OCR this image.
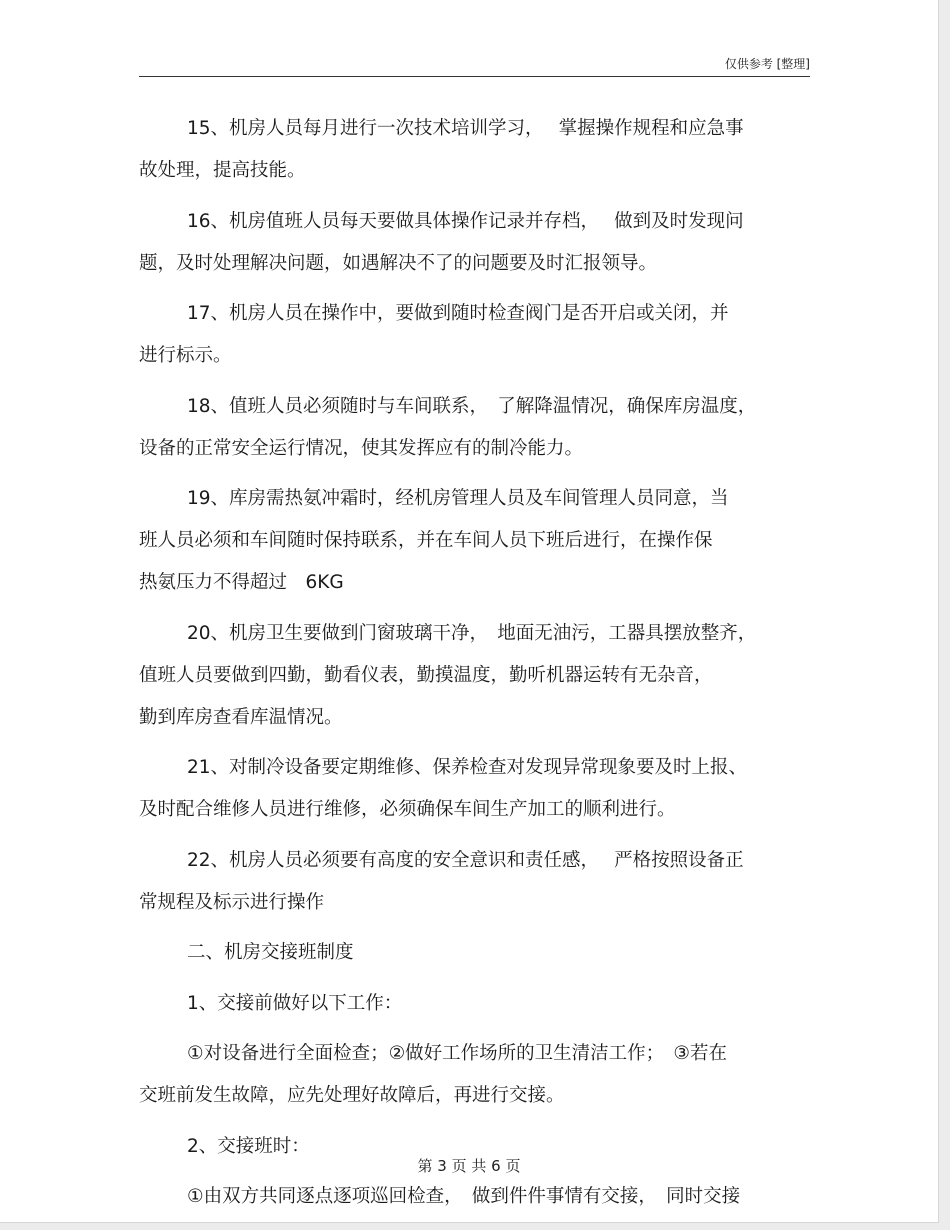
仅供参考 [整理]

15、机房人员每月进行一次技术培训学习，　 掌握操作规程和应急事
故处理，提高技能。

16、机房值班人员每天要做具体操作记录并存档，　 做到及时发现问
题，及时处理解决问题，如遇解决不了的问题要及时汇报领导。

17、机房人员在操作中，要做到随时检查阀门是否开启或关闭，并
进行标示。

18、值班人员必须随时与车间联系，　了解降温情况，确保库房温度，
设备的正常安全运行情况，使其发挥应有的制冷能力。

19、库房需热氨冲霜时，经机房管理人员及车间管理人员同意，当
班人员必须和车间随时保持联系，并在车间人员下班后进行，在操作保
热氨压力不得超过　6KG

20、机房卫生要做到门窗玻璃干净，　地面无油污，工器具摆放整齐，
值班人员要做到四勤，勤看仪表，勤摸温度，勤听机器运转有无杂音，
勤到库房查看库温情况。

21、对制冷设备要定期维修、保养检查对发现异常现象要及时上报、
及时配合维修人员进行维修，必须确保车间生产加工的顺利进行。

22、机房人员必须要有高度的安全意识和责任感，　 严格按照设备正
常规程及标示进行操作

二、机房交接班制度

1、交接前做好以下工作：

①对设备进行全面检查；②做好工作场所的卫生清洁工作；　③若在
交班前发生故障，应先处理好故障后，再进行交接。

2、交接班时：

①由双方共同逐点逐项巡回检查，　做到件件事情有交接，　同时交接

第 3 页 共 6 页
